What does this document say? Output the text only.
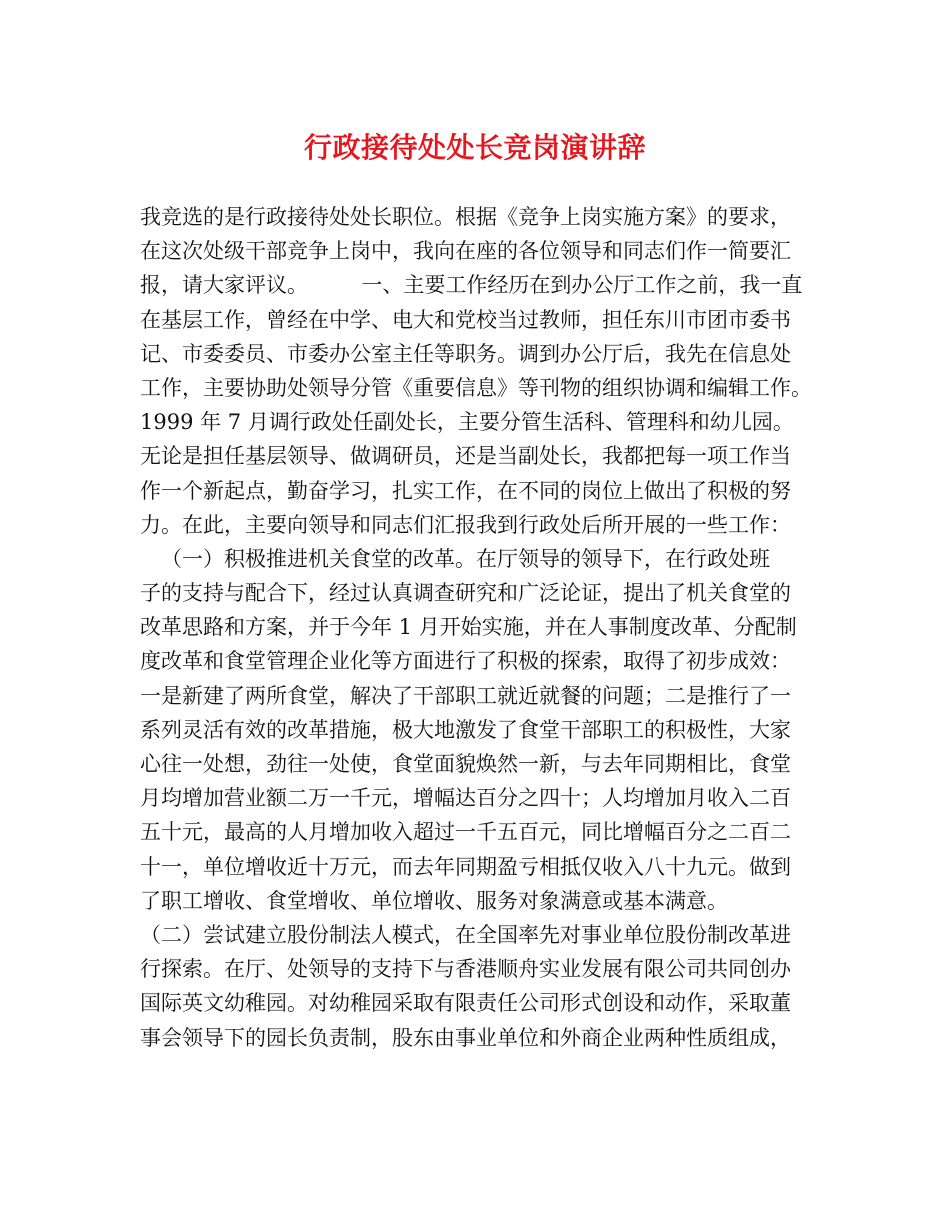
行政接待处处长竞岗演讲辞
我竞选的是行政接待处处长职位。根据《竞争上岗实施方案》的要求，
在这次处级干部竞争上岗中，我向在座的各位领导和同志们作一简要汇
报，请大家评议。        一、主要工作经历在到办公厅工作之前，我一直
在基层工作，曾经在中学、电大和党校当过教师，担任东川市团市委书
记、市委委员、市委办公室主任等职务。调到办公厅后，我先在信息处
工作，主要协助处领导分管《重要信息》等刊物的组织协调和编辑工作。
1999 年 7 月调行政处任副处长，主要分管生活科、管理科和幼儿园。
无论是担任基层领导、做调研员，还是当副处长，我都把每一项工作当
作一个新起点，勤奋学习，扎实工作，在不同的岗位上做出了积极的努
力。在此，主要向领导和同志们汇报我到行政处后所开展的一些工作：
（一）积极推进机关食堂的改革。在厅领导的领导下，在行政处班
子的支持与配合下，经过认真调查研究和广泛论证，提出了机关食堂的
改革思路和方案，并于今年 1 月开始实施，并在人事制度改革、分配制
度改革和食堂管理企业化等方面进行了积极的探索，取得了初步成效：
一是新建了两所食堂，解决了干部职工就近就餐的问题；二是推行了一
系列灵活有效的改革措施，极大地激发了食堂干部职工的积极性，大家
心往一处想，劲往一处使，食堂面貌焕然一新，与去年同期相比，食堂
月均增加营业额二万一千元，增幅达百分之四十；人均增加月收入二百
五十元，最高的人月增加收入超过一千五百元，同比增幅百分之二百二
十一，单位增收近十万元，而去年同期盈亏相抵仅收入八十九元。做到
了职工增收、食堂增收、单位增收、服务对象满意或基本满意。
（二）尝试建立股份制法人模式，在全国率先对事业单位股份制改革进
行探索。在厅、处领导的支持下与香港顺舟实业发展有限公司共同创办
国际英文幼稚园。对幼稚园采取有限责任公司形式创设和动作，采取董
事会领导下的园长负责制，股东由事业单位和外商企业两种性质组成，
